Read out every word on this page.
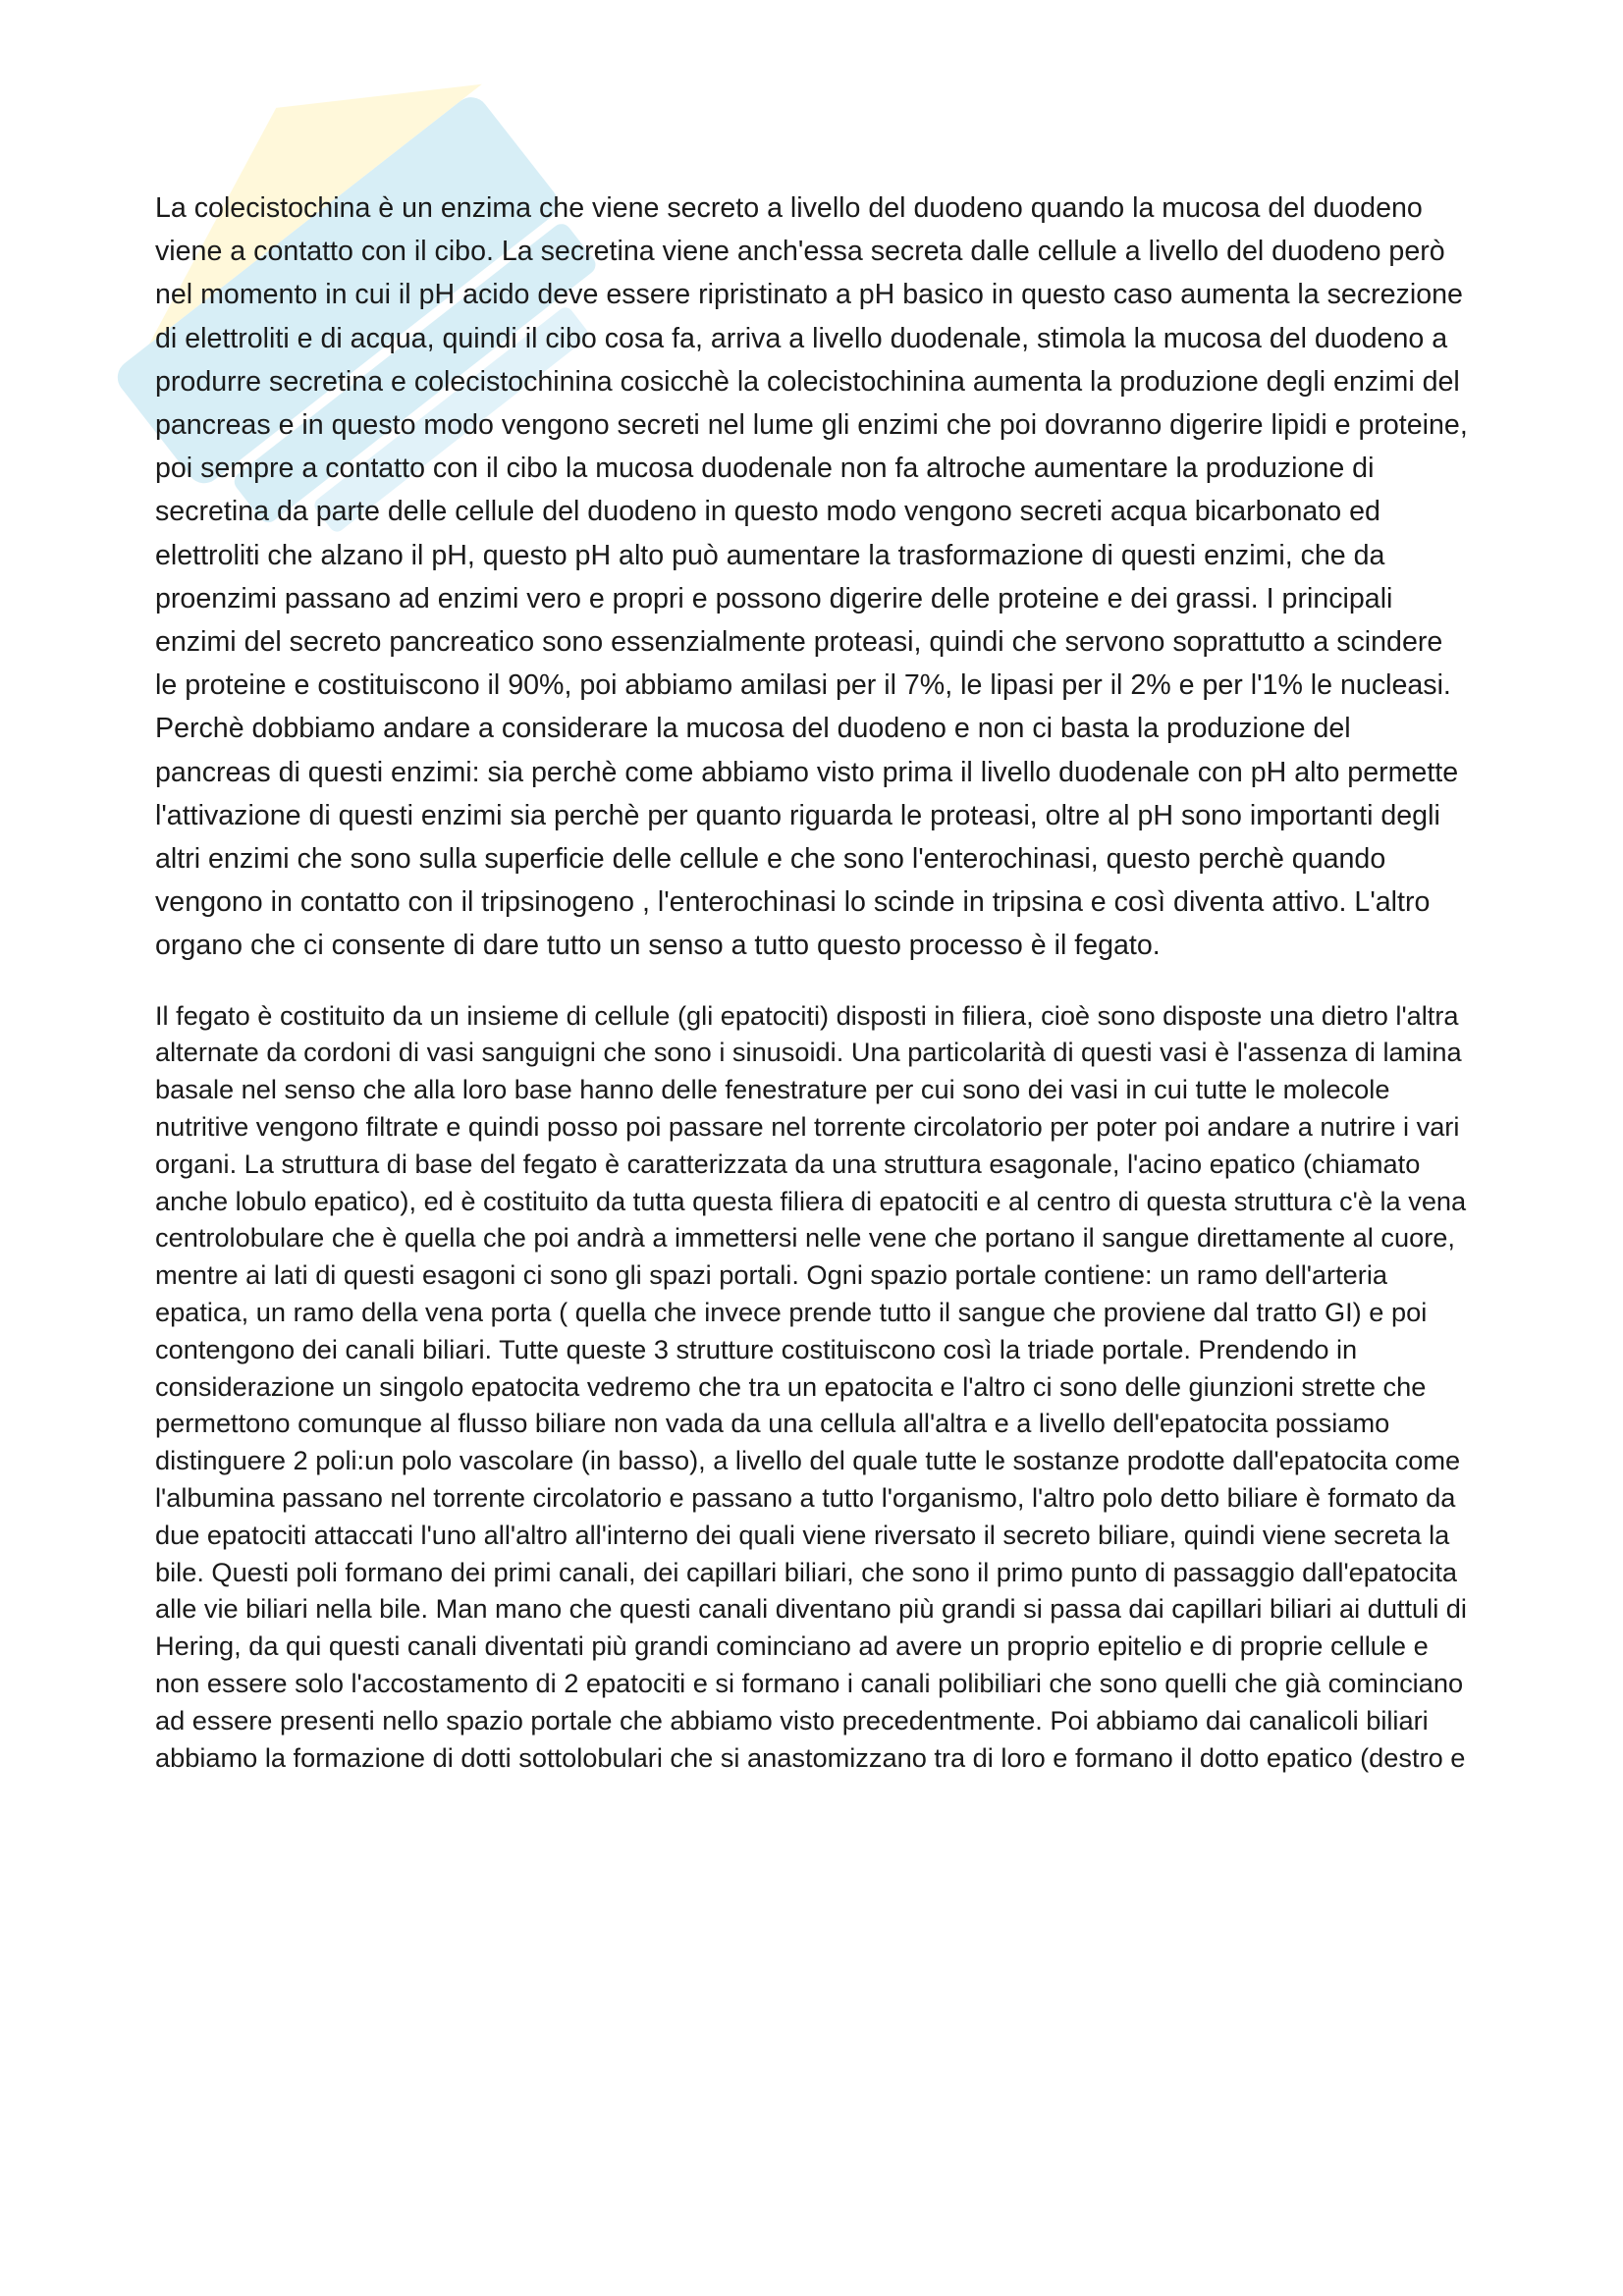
La colecistochina è un enzima che viene secreto a livello del duodeno quando la mucosa del duodeno viene a contatto con il cibo. La secretina viene anch'essa secreta dalle cellule a livello del duodeno però nel momento in cui il pH acido deve essere ripristinato a pH basico in questo caso aumenta la secrezione di elettroliti e di acqua, quindi il cibo cosa fa, arriva a livello duodenale, stimola la mucosa del duodeno a produrre secretina e colecistochinina cosicchè la colecistochinina aumenta la produzione degli enzimi del pancreas e in questo modo vengono secreti nel lume gli enzimi che poi dovranno digerire lipidi e proteine, poi sempre a contatto con il cibo la mucosa duodenale non fa altroche aumentare la produzione di secretina da parte delle cellule del duodeno in questo modo vengono secreti acqua bicarbonato ed elettroliti che alzano il pH, questo pH alto può aumentare la trasformazione di questi enzimi, che da proenzimi passano ad enzimi vero e propri e possono digerire delle proteine e dei grassi. I principali enzimi del secreto pancreatico sono essenzialmente proteasi, quindi che servono soprattutto a scindere le proteine e costituiscono il 90%, poi abbiamo amilasi per il 7%, le lipasi per il 2% e per l'1% le nucleasi. Perchè dobbiamo andare a considerare la mucosa del duodeno e non ci basta la produzione del pancreas di questi enzimi: sia perchè come abbiamo visto prima il livello duodenale con pH alto permette l'attivazione di questi enzimi sia perchè per quanto riguarda le proteasi, oltre al pH sono importanti degli altri enzimi che sono sulla superficie delle cellule e che sono l'enterochinasi, questo perchè quando vengono in contatto con il tripsinogeno , l'enterochinasi lo scinde in tripsina e così diventa attivo. L'altro organo che ci consente di dare tutto un senso a tutto questo processo è il fegato.

Il fegato è costituito da un insieme di cellule (gli epatociti) disposti in filiera, cioè sono disposte una dietro l'altra alternate da cordoni di vasi sanguigni che sono i sinusoidi. Una particolarità di questi vasi è l'assenza di lamina basale nel senso che alla loro base hanno delle fenestrature per cui sono dei vasi in cui tutte le molecole nutritive vengono filtrate e quindi posso poi passare nel torrente circolatorio per poter poi andare a nutrire i vari organi. La struttura di base del fegato è caratterizzata da una struttura esagonale, l'acino epatico (chiamato anche lobulo epatico), ed è costituito da tutta questa filiera di epatociti e al centro di questa struttura c'è la vena centrolobulare che è quella che poi andrà a immettersi nelle vene che portano il sangue direttamente al cuore, mentre ai lati di questi esagoni ci sono gli spazi portali. Ogni spazio portale contiene: un ramo dell'arteria epatica, un ramo della vena porta ( quella che invece prende tutto il sangue che proviene dal tratto GI) e poi contengono dei canali biliari. Tutte queste 3 strutture costituiscono così la triade portale. Prendendo in considerazione un singolo epatocita vedremo che tra un epatocita e l'altro ci sono delle giunzioni strette che permettono comunque al flusso biliare non vada da una cellula all'altra e a livello dell'epatocita possiamo distinguere 2 poli:un polo vascolare (in basso), a livello del quale tutte le sostanze prodotte dall'epatocita come l'albumina passano nel torrente circolatorio e passano a tutto l'organismo, l'altro polo detto biliare è formato da due epatociti attaccati l'uno all'altro all'interno dei quali viene riversato il secreto biliare, quindi viene secreta la bile. Questi poli formano dei primi canali, dei capillari biliari, che sono il primo punto di passaggio dall'epatocita alle vie biliari nella bile. Man mano che questi canali diventano più grandi si passa dai capillari biliari ai duttuli di Hering, da qui questi canali diventati più grandi cominciano ad avere un proprio epitelio e di proprie cellule e non essere solo l'accostamento di 2 epatociti e si formano i canali polibiliari che sono quelli che già cominciano ad essere presenti nello spazio portale che abbiamo visto precedentmente. Poi abbiamo dai canalicoli biliari abbiamo la formazione di dotti sottolobulari che si anastomizzano tra di loro e formano il dotto epatico (destro e
